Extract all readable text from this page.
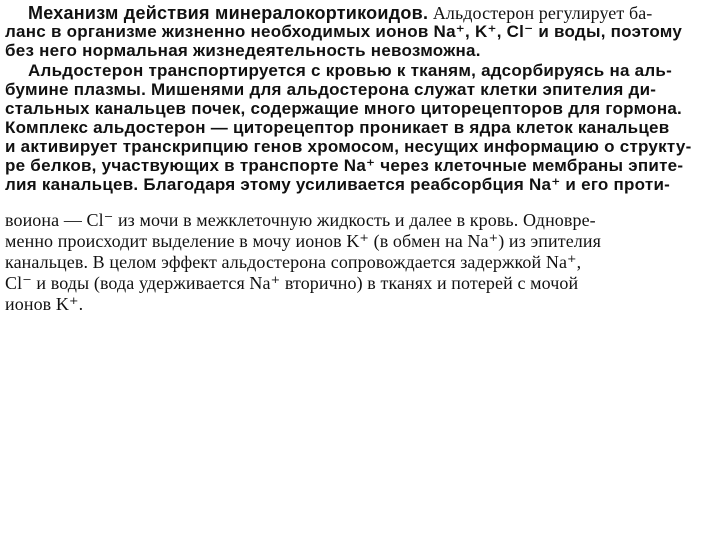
Механизм действия минералокортикоидов. Альдостерон регулирует ба-
ланс в организме жизненно необходимых ионов Na⁺, K⁺, Cl⁻ и воды, поэтому
без него нормальная жизнедеятельность невозможна.
Альдостерон транспортируется с кровью к тканям, адсорбируясь на аль-
бумине плазмы. Мишенями для альдостерона служат клетки эпителия ди-
стальных канальцев почек, содержащие много циторецепторов для гормона.
Комплекс альдостерон — циторецептор проникает в ядра клеток канальцев
и активирует транскрипцию генов хромосом, несущих информацию о структу-
ре белков, участвующих в транспорте Na⁺ через клеточные мембраны эпите-
лия канальцев. Благодаря этому усиливается реабсорбция Na⁺ и его проти-
воиона — Cl⁻ из мочи в межклеточную жидкость и далее в кровь. Одновре-
менно происходит выделение в мочу ионов K⁺ (в обмен на Na⁺) из эпителия
канальцев. В целом эффект альдостерона сопровождается задержкой Na⁺,
Cl⁻ и воды (вода удерживается Na⁺ вторично) в тканях и потерей с мочой
ионов K⁺.
